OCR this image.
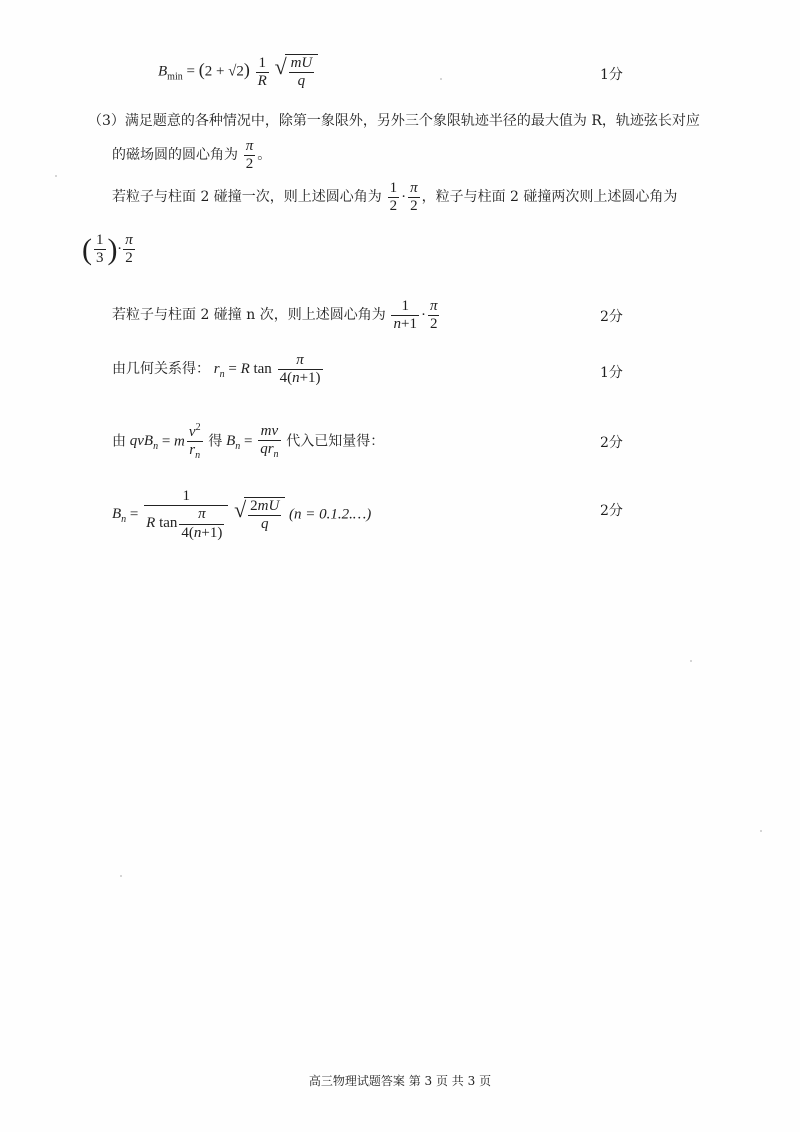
$B_{min} = (2 + √2) \frac{1}{R}$
√ $\frac{mU}{q}$	1分
（3）满足题意的各种情况中，除第一象限外，另外三个象限轨迹半径的最大值为 R，轨迹弦长对应
的磁场圆的圆心角为 $\frac{\pi}{2}$ 。
若粒子与柱面 2 碰撞一次，则上述圆心角为 $\frac{1}{2} \cdot \frac{\pi}{2}$ ，粒子与柱面 2 碰撞两次则上述圆心角为
( $\frac{1}{3}$ )· $\frac{\pi}{2}$
若粒子与柱面 2 碰撞 n 次，则上述圆心角为 $\frac{1}{n+1} \cdot \frac{\pi}{2}$	2分
由几何关系得： $r_n = R$ $\tan \frac{\pi}{4(n+1)}$	1分
由 qvB$_n$ = m $\frac{v^2}{r_n}$ 得 $B_n = \frac{mv}{qr_n}$ 代入已知量得：	2分
$B_n = \frac{1}{R \tan \frac{\pi}{4(n+1)}}$
√ $\frac{2mU}{q} (n$ = 0.1.2.…)	2分
高三物理试题答案 第 3 页 共 3 页
